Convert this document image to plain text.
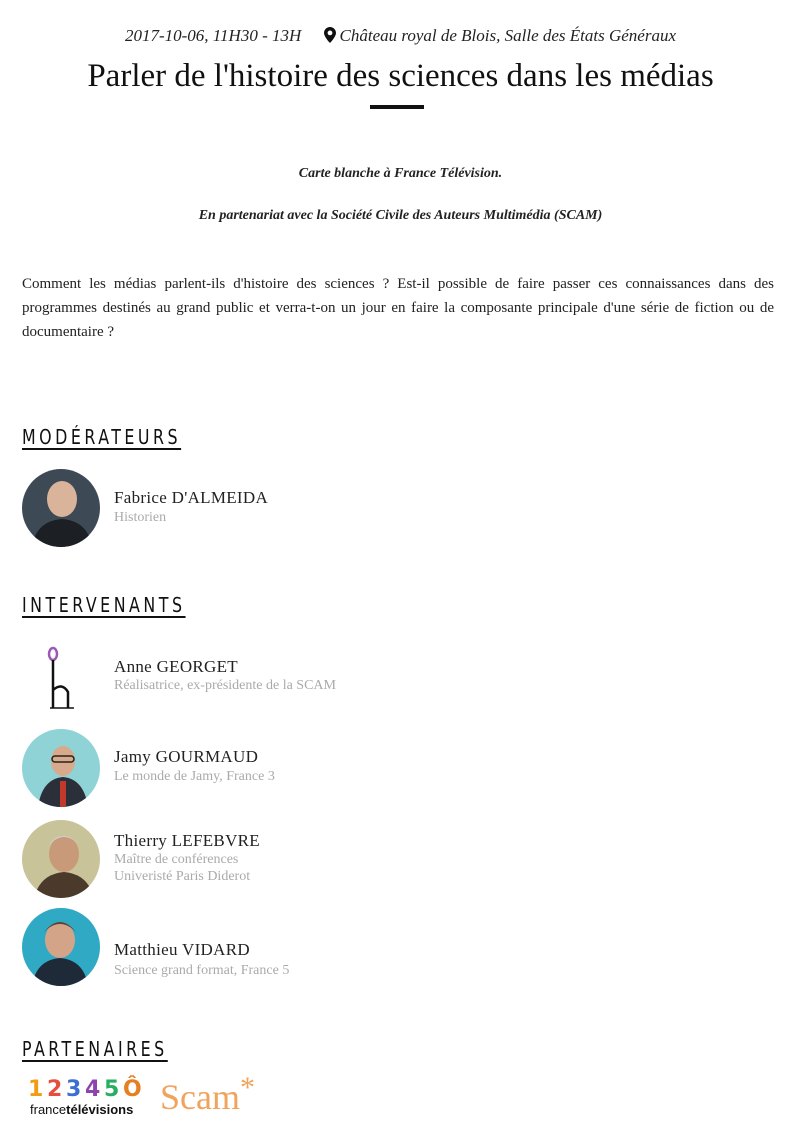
2017-10-06, 11H30 - 13H Château royal de Blois, Salle des États Généraux
Parler de l'histoire des sciences dans les médias
Carte blanche à France Télévision.
En partenariat avec la Société Civile des Auteurs Multimédia (SCAM)
Comment les médias parlent-ils d'histoire des sciences ? Est-il possible de faire passer ces connaissances dans des programmes destinés au grand public et verra-t-on un jour en faire la composante principale d'une série de fiction ou de documentaire ?
MODÉRATEURS
Fabrice D'ALMEIDA
Historien
INTERVENANTS
Anne GEORGET
Réalisatrice, ex-présidente de la SCAM
Jamy GOURMAUD
Le monde de Jamy, France 3
Thierry LEFEBVRE
Maître de conférences
Univeristé Paris Diderot
Matthieu VIDARD
Science grand format, France 5
PARTENAIRES
1 2 3 4 5 Ô
francetélévisions Scam*
